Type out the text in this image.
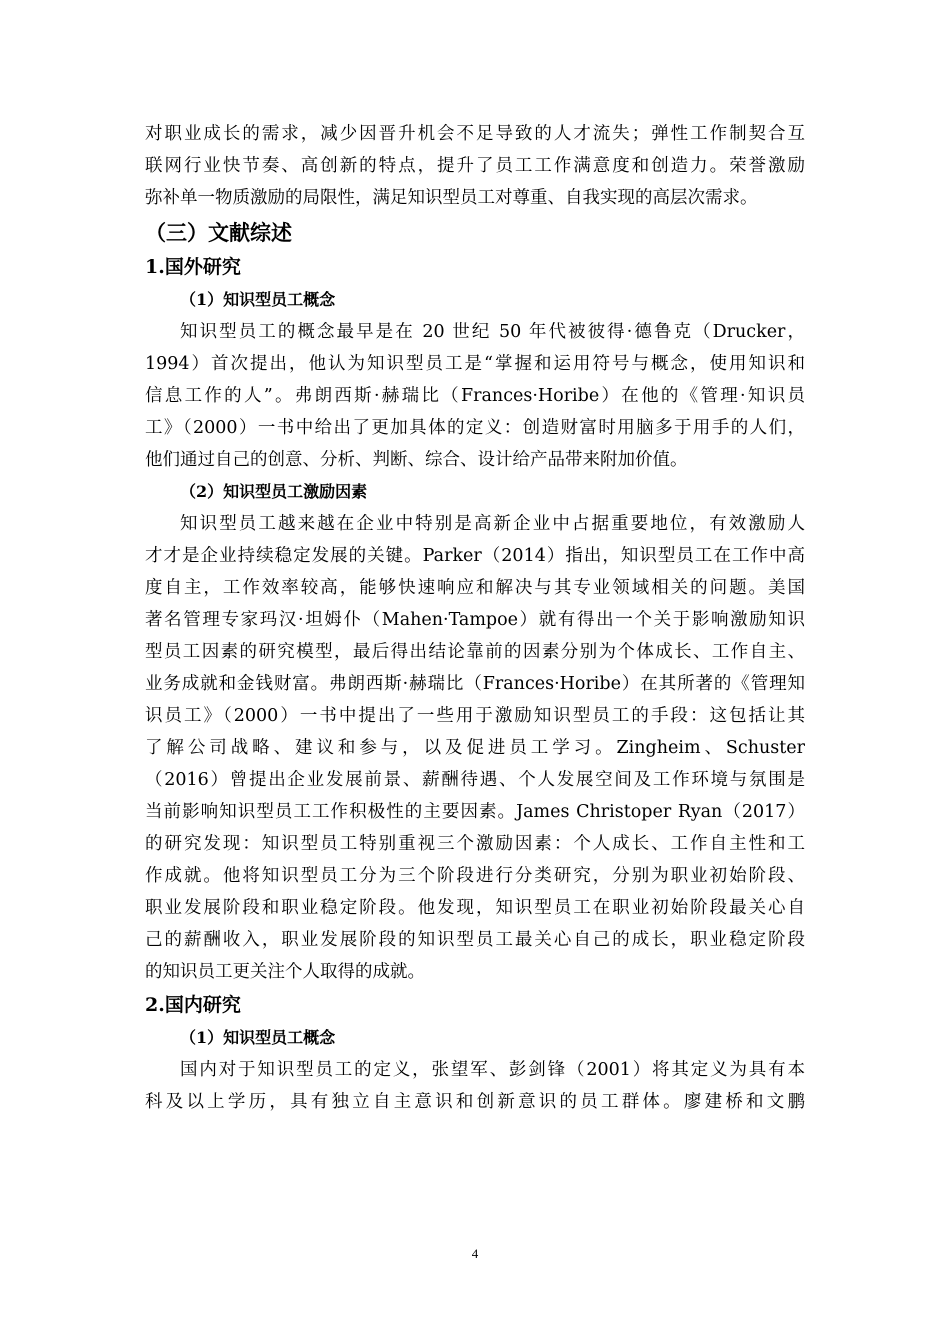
对职业成长的需求，减少因晋升机会不足导致的人才流失；弹性工作制契合互
联网行业快节奏、高创新的特点，提升了员工工作满意度和创造力。荣誉激励
弥补单一物质激励的局限性，满足知识型员工对尊重、自我实现的高层次需求。
（三）文献综述
1.国外研究
（1）知识型员工概念
知识型员工的概念最早是在 20 世纪 50 年代被彼得·德鲁克（Drucker，
1994）首次提出，他认为知识型员工是“掌握和运用符号与概念，使用知识和
信息工作的人”。弗朗西斯·赫瑞比（Frances·Horibe）在他的《管理·知识员
工》（2000）一书中给出了更加具体的定义：创造财富时用脑多于用手的人们，
他们通过自己的创意、分析、判断、综合、设计给产品带来附加价值。
（2）知识型员工激励因素
知识型员工越来越在企业中特别是高新企业中占据重要地位，有效激励人
才才是企业持续稳定发展的关键。Parker（2014）指出，知识型员工在工作中高
度自主，工作效率较高，能够快速响应和解决与其专业领域相关的问题。美国
著名管理专家玛汉·坦姆仆（Mahen·Tampoe）就有得出一个关于影响激励知识
型员工因素的研究模型，最后得出结论靠前的因素分别为个体成长、工作自主、
业务成就和金钱财富。弗朗西斯·赫瑞比（Frances·Horibe）在其所著的《管理知
识员工》（2000）一书中提出了一些用于激励知识型员工的手段：这包括让其
了解公司战略、建议和参与，以及促进员工学习。Zingheim、Schuster
（2016）曾提出企业发展前景、薪酬待遇、个人发展空间及工作环境与氛围是
当前影响知识型员工工作积极性的主要因素。James Christoper Ryan（2017）
的研究发现：知识型员工特别重视三个激励因素：个人成长、工作自主性和工
作成就。他将知识型员工分为三个阶段进行分类研究，分别为职业初始阶段、
职业发展阶段和职业稳定阶段。他发现，知识型员工在职业初始阶段最关心自
己的薪酬收入，职业发展阶段的知识型员工最关心自己的成长，职业稳定阶段
的知识员工更关注个人取得的成就。
2.国内研究
（1）知识型员工概念
国内对于知识型员工的定义，张望军、彭剑锋（2001）将其定义为具有本
科及以上学历，具有独立自主意识和创新意识的员工群体。廖建桥和文鹏
4
